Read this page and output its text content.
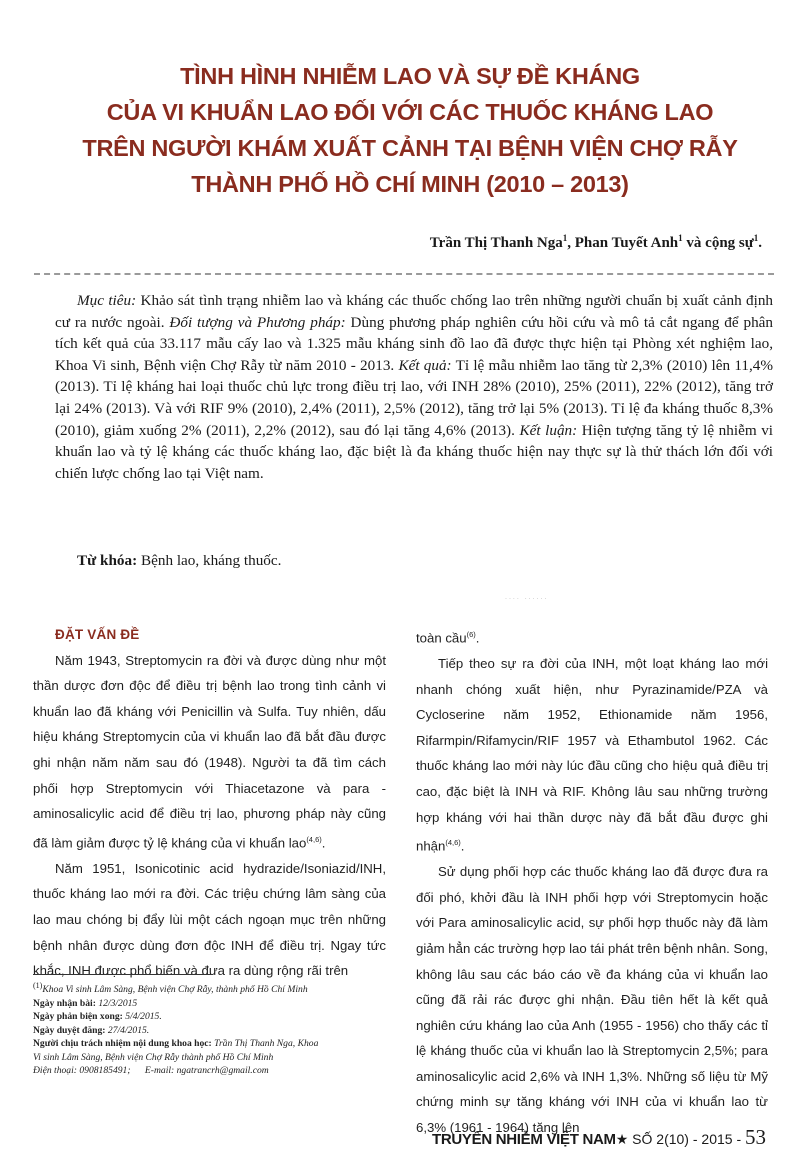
TÌNH HÌNH NHIỄM LAO VÀ SỰ ĐỀ KHÁNG
CỦA VI KHUẨN LAO ĐỐI VỚI CÁC THUỐC KHÁNG LAO
TRÊN NGƯỜI KHÁM XUẤT CẢNH TẠI BỆNH VIỆN CHỢ RẪY
THÀNH PHỐ HỒ CHÍ MINH (2010 – 2013)
Trần Thị Thanh Nga$^1$, Phan Tuyết Anh$^1$ và cộng sự$^1$.
Mục tiêu: Khảo sát tình trạng nhiễm lao và kháng các thuốc chống lao trên những người chuẩn bị xuất cảnh định cư ra nước ngoài. Đối tượng và Phương pháp: Dùng phương pháp nghiên cứu hồi cứu và mô tả cắt ngang để phân tích kết quả của 33.117 mẫu cấy lao và 1.325 mẫu kháng sinh đồ lao đã được thực hiện tại Phòng xét nghiệm lao, Khoa Vi sinh, Bệnh viện Chợ Rẫy từ năm 2010 - 2013. Kết quả: Tỉ lệ mẫu nhiễm lao tăng từ 2,3% (2010) lên 11,4% (2013). Tỉ lệ kháng hai loại thuốc chủ lực trong điều trị lao, với INH 28% (2010), 25% (2011), 22% (2012), tăng trở lại 24% (2013). Và với RIF 9% (2010), 2,4% (2011), 2,5% (2012), tăng trở lại 5% (2013). Tỉ lệ đa kháng thuốc 8,3% (2010), giảm xuống 2% (2011), 2,2% (2012), sau đó lại tăng 4,6% (2013). Kết luận: Hiện tượng tăng tỷ lệ nhiễm vi khuẩn lao và tỷ lệ kháng các thuốc kháng lao, đặc biệt là đa kháng thuốc hiện nay thực sự là thử thách lớn đối với chiến lược chống lao tại Việt nam.
Từ khóa: Bệnh lao, kháng thuốc.
.... ......

ĐẶT VẤN ĐỀ

Năm 1943, Streptomycin ra đời và được dùng như một thần dược đơn độc để điều trị bệnh lao trong tình cảnh vi khuẩn lao đã kháng với Penicillin và Sulfa. Tuy nhiên, dấu hiệu kháng Streptomycin của vi khuẩn lao đã bắt đầu được ghi nhận năm năm sau đó (1948). Người ta đã tìm cách phối hợp Streptomycin với Thiacetazone và para - aminosalicylic acid để điều trị lao, phương pháp này cũng đã làm giảm được tỷ lệ kháng của vi khuẩn lao$^{(4,6)}$.

Năm 1951, Isonicotinic acid hydrazide/Isoniazid/INH, thuốc kháng lao mới ra đời. Các triệu chứng lâm sàng của lao mau chóng bị đẩy lùi một cách ngoạn mục trên những bệnh nhân được dùng đơn độc INH để điều trị. Ngay tức khắc, INH được phổ biến và đưa ra dùng rộng rãi trên

toàn cầu$^{(6)}$.

Tiếp theo sự ra đời của INH, một loạt kháng lao mới nhanh chóng xuất hiện, như Pyrazinamide/PZA và Cycloserine năm 1952, Ethionamide năm 1956, Rifarmpin/Rifamycin/RIF 1957 và Ethambutol 1962. Các thuốc kháng lao mới này lúc đầu cũng cho hiệu quả điều trị cao, đặc biệt là INH và RIF. Không lâu sau những trường hợp kháng với hai thần dược này đã bắt đầu được ghi nhận$^{(4,6)}$.

Sử dụng phối hợp các thuốc kháng lao đã được đưa ra đối phó, khởi đầu là INH phối hợp với Streptomycin hoặc với Para aminosalicylic acid, sự phối hợp thuốc này đã làm giảm hẳn các trường hợp lao tái phát trên bệnh nhân. Song, không lâu sau các báo cáo về đa kháng của vi khuẩn lao cũng đã rải rác được ghi nhận. Đầu tiên hết là kết quả nghiên cứu kháng lao của Anh (1955 - 1956) cho thấy các tỉ lệ kháng thuốc của vi khuẩn lao là Streptomycin 2,5%; para aminosalicylic acid 2,6% và INH 1,3%. Những số liệu từ Mỹ chứng minh sự tăng kháng với INH của vi khuẩn lao từ 6,3% (1961 - 1964) tăng lên

$^{(1)}$Khoa Vi sinh Lâm Sàng, Bệnh viện Chợ Rẫy, thành phố Hồ Chí Minh
Ngày nhận bài: 12/3/2015
Ngày phản biện xong: 5/4/2015.
Ngày duyệt đăng: 27/4/2015.
Người chịu trách nhiệm nội dung khoa học: Trần Thị Thanh Nga, Khoa
Vi sinh Lâm Sàng, Bệnh viện Chợ Rẫy thành phố Hồ Chí Minh
Điện thoại: 0908185491; E-mail: ngatrancrh@gmail.com
TRUYỀN NHIỄM VIỆT NAM★ SỐ 2(10) - 2015 - 53
